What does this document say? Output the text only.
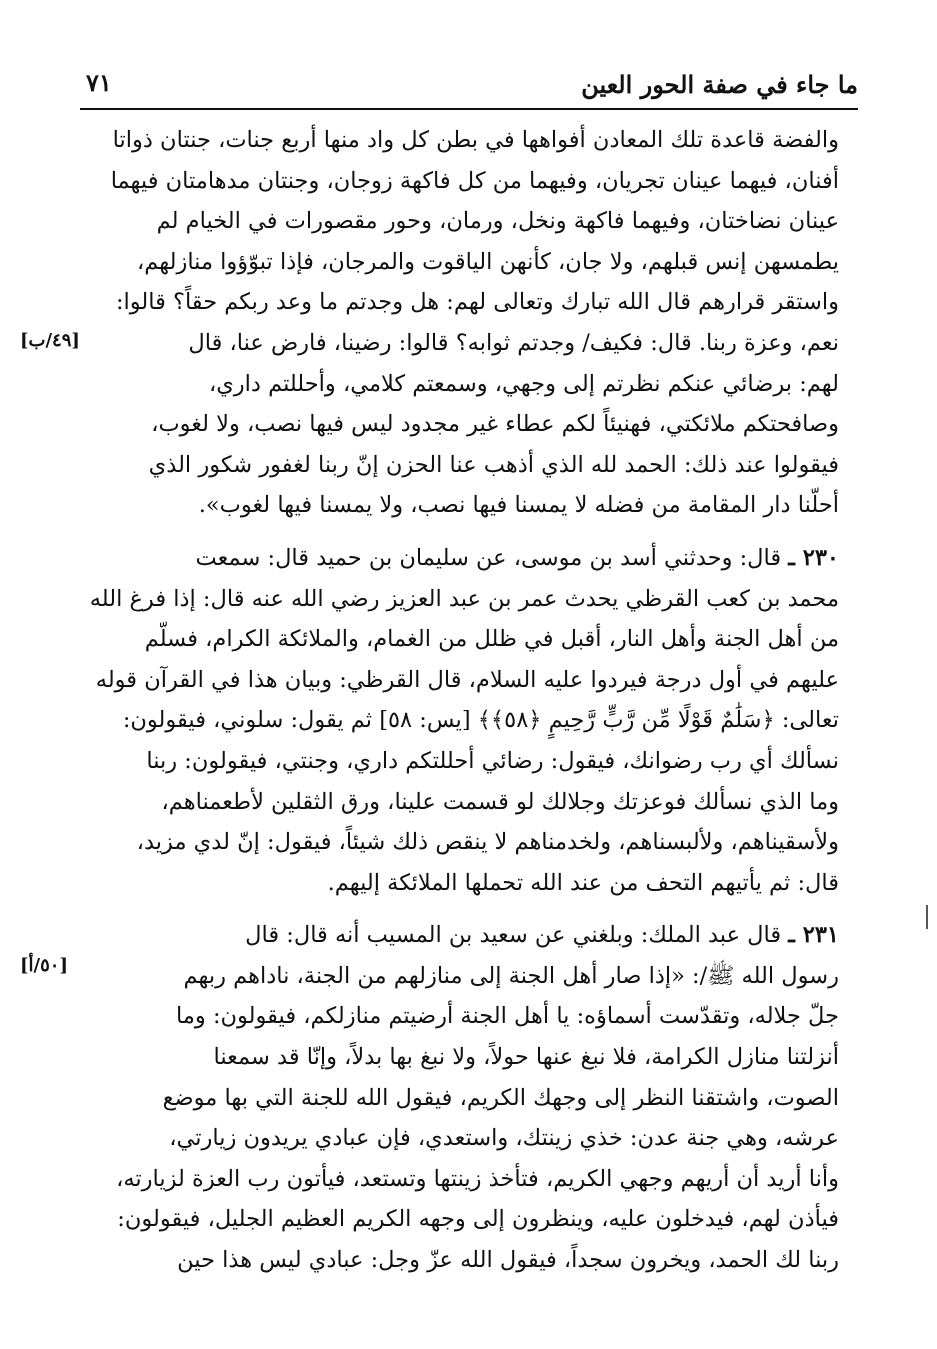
ما جاء في صفة الحور العين
٧١
[٤٩/ب]
[٥٠/أ]
والفضة قاعدة تلك المعادن أفواهها في بطن كل واد منها أربع جنات، جنتان ذواتا
أفنان، فيهما عينان تجريان، وفيهما من كل فاكهة زوجان، وجنتان مدهامتان فيهما
عينان نضاختان، وفيهما فاكهة ونخل، ورمان، وحور مقصورات في الخيام لم
يطمسهن إنس قبلهم، ولا جان، كأنهن الياقوت والمرجان، فإذا تبوّؤوا منازلهم،
واستقر قرارهم قال الله تبارك وتعالى لهم: هل وجدتم ما وعد ربكم حقاً؟ قالوا:
نعم، وعزة ربنا. قال: فكيف/ وجدتم ثوابه؟ قالوا: رضينا، فارض عنا، قال
لهم: برضائي عنكم نظرتم إلى وجهي، وسمعتم كلامي، وأحللتم داري،
وصافحتكم ملائكتي، فهنيئاً لكم عطاء غير مجدود ليس فيها نصب، ولا لغوب،
فيقولوا عند ذلك: الحمد لله الذي أذهب عنا الحزن إنّ ربنا لغفور شكور الذي
أحلّنا دار المقامة من فضله لا يمسنا فيها نصب، ولا يمسنا فيها لغوب».
٢٣٠ ـ قال: وحدثني أسد بن موسى، عن سليمان بن حميد قال: سمعت
محمد بن كعب القرظي يحدث عمر بن عبد العزيز رضي الله عنه قال: إذا فرغ الله
من أهل الجنة وأهل النار، أقبل في ظلل من الغمام، والملائكة الكرام، فسلّم
عليهم في أول درجة فيردوا عليه السلام، قال القرظي: وبيان هذا في القرآن قوله
تعالى: ﴿سَلَٰمٌ قَوْلًا مِّن رَّبٍّ رَّحِيمٍ ﴿٥٨﴾﴾ [يس: ٥٨] ثم يقول: سلوني، فيقولون:
نسألك أي رب رضوانك، فيقول: رضائي أحللتكم داري، وجنتي، فيقولون: ربنا
وما الذي نسألك فوعزتك وجلالك لو قسمت علينا، ورق الثقلين لأطعمناهم،
ولأسقيناهم، ولألبسناهم، ولخدمناهم لا ينقص ذلك شيئاً، فيقول: إنّ لدي مزيد،
قال: ثم يأتيهم التحف من عند الله تحملها الملائكة إليهم.
٢٣١ ـ قال عبد الملك: وبلغني عن سعيد بن المسيب أنه قال: قال
رسول الله ﷺ/: «إذا صار أهل الجنة إلى منازلهم من الجنة، ناداهم ربهم
جلّ جلاله، وتقدّست أسماؤه: يا أهل الجنة أرضيتم منازلكم، فيقولون: وما
أنزلتنا منازل الكرامة، فلا نبغ عنها حولاً، ولا نبغ بها بدلاً، وإنّا قد سمعنا
الصوت، واشتقنا النظر إلى وجهك الكريم، فيقول الله للجنة التي بها موضع
عرشه، وهي جنة عدن: خذي زينتك، واستعدي، فإن عبادي يريدون زيارتي،
وأنا أريد أن أريهم وجهي الكريم، فتأخذ زينتها وتستعد، فيأتون رب العزة لزيارته،
فيأذن لهم، فيدخلون عليه، وينظرون إلى وجهه الكريم العظيم الجليل، فيقولون:
ربنا لك الحمد، ويخرون سجداً، فيقول الله عزّ وجل: عبادي ليس هذا حين
